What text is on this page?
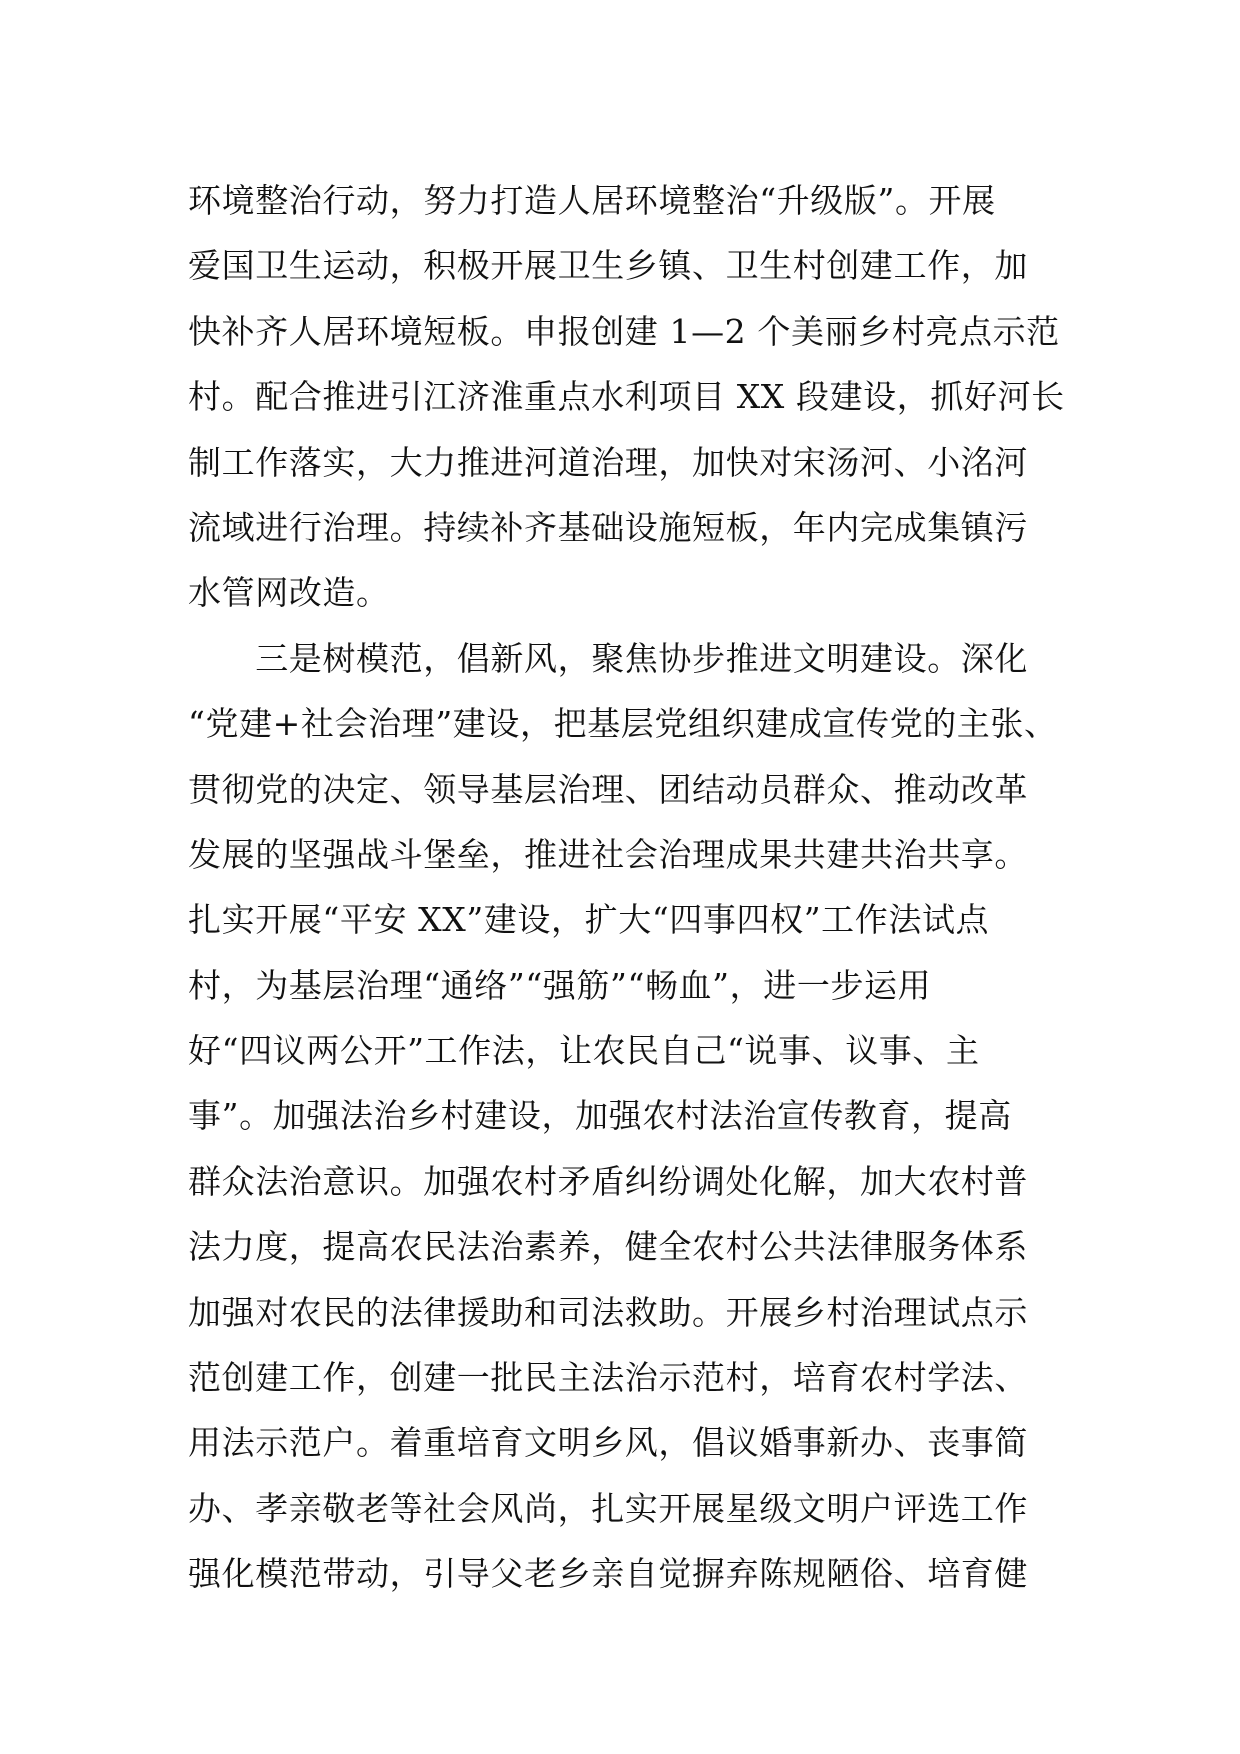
环境整治行动，努力打造人居环境整治“升级版”。开展
爱国卫生运动，积极开展卫生乡镇、卫生村创建工作，加
快补齐人居环境短板。申报创建 1—2 个美丽乡村亮点示范
村。配合推进引江济淮重点水利项目 XX 段建设，抓好河长
制工作落实，大力推进河道治理，加快对宋汤河、小洺河
流域进行治理。持续补齐基础设施短板，年内完成集镇污
水管网改造。
　　三是树模范，倡新风，聚焦协步推进文明建设。深化
“党建+社会治理”建设，把基层党组织建成宣传党的主张、
贯彻党的决定、领导基层治理、团结动员群众、推动改革
发展的坚强战斗堡垒，推进社会治理成果共建共治共享。
扎实开展“平安 XX”建设，扩大“四事四权”工作法试点
村，为基层治理“通络”“强筋”“畅血”，进一步运用
好“四议两公开”工作法，让农民自己“说事、议事、主
事”。加强法治乡村建设，加强农村法治宣传教育，提高
群众法治意识。加强农村矛盾纠纷调处化解，加大农村普
法力度，提高农民法治素养，健全农村公共法律服务体系
加强对农民的法律援助和司法救助。开展乡村治理试点示
范创建工作，创建一批民主法治示范村，培育农村学法、
用法示范户。着重培育文明乡风，倡议婚事新办、丧事简
办、孝亲敬老等社会风尚，扎实开展星级文明户评选工作
强化模范带动，引导父老乡亲自觉摒弃陈规陋俗、培育健
